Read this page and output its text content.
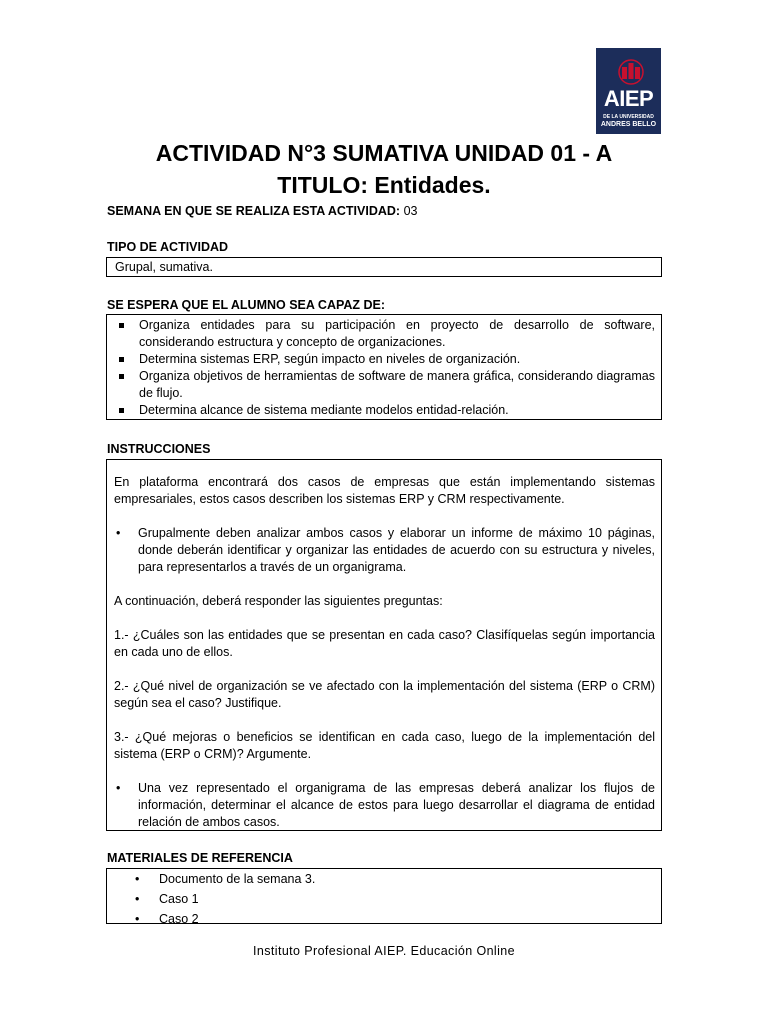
AIEP
DE LA UNIVERSIDAD
ANDRES BELLO
ACTIVIDAD N°3 SUMATIVA UNIDAD 01 - A
TITULO: Entidades.
SEMANA EN QUE SE REALIZA ESTA ACTIVIDAD: 03
TIPO DE ACTIVIDAD
Grupal, sumativa.
SE ESPERA QUE EL ALUMNO SEA CAPAZ DE:
Organiza entidades para su participación en proyecto de desarrollo de software, considerando estructura y concepto de organizaciones.
Determina sistemas ERP, según impacto en niveles de organización.
Organiza objetivos de herramientas de software de manera gráfica, considerando diagramas de flujo.
Determina alcance de sistema mediante modelos entidad-relación.
INSTRUCCIONES

En plataforma encontrará dos casos de empresas que están implementando sistemas empresariales, estos casos describen los sistemas ERP y CRM respectivamente.

• Grupalmente deben analizar ambos casos y elaborar un informe de máximo 10 páginas, donde deberán identificar y organizar las entidades de acuerdo con su estructura y niveles, para representarlos a través de un organigrama.

A continuación, deberá responder las siguientes preguntas:

1.- ¿Cuáles son las entidades que se presentan en cada caso? Clasifíquelas según importancia en cada uno de ellos.

2.- ¿Qué nivel de organización se ve afectado con la implementación del sistema (ERP o CRM) según sea el caso? Justifique.

3.- ¿Qué mejoras o beneficios se identifican en cada caso, luego de la implementación del sistema (ERP o CRM)? Argumente.

• Una vez representado el organigrama de las empresas deberá analizar los flujos de información, determinar el alcance de estos para luego desarrollar el diagrama de entidad relación de ambos casos.
MATERIALES DE REFERENCIA
• Documento de la semana 3.
• Caso 1
• Caso 2
Instituto Profesional AIEP. Educación Online
